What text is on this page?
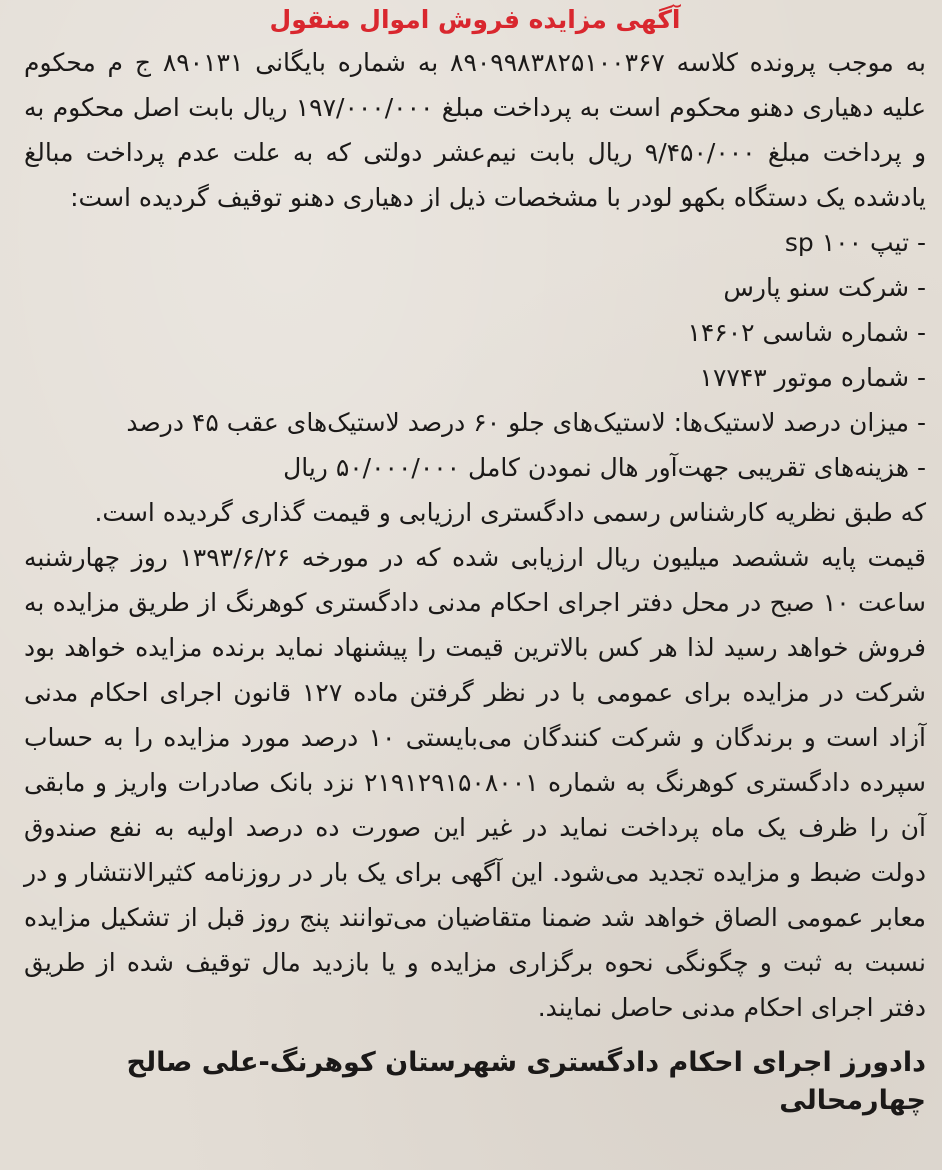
آگهی مزایده فروش اموال منقول

به موجب پرونده کلاسه ۸۹۰۹۹۸۳۸۲۵۱۰۰۳۶۷ به شماره بایگانی ۸۹۰۱۳۱ ج م محکوم علیه دهیاری دهنو محکوم است به پرداخت مبلغ ۱۹۷/۰۰۰/۰۰۰ ریال بابت اصل محکوم به و پرداخت مبلغ ۹/۴۵۰/۰۰۰ ریال بابت نیم‌عشر دولتی که به علت عدم پرداخت مبالغ یادشده یک دستگاه بکهو لودر با مشخصات ذیل از دهیاری دهنو توقیف گردیده است:

- تیپ ۱۰۰ sp

- شرکت سنو پارس

- شماره شاسی ۱۴۶۰۲

- شماره موتور ۱۷۷۴۳

- میزان درصد لاستیک‌ها: لاستیک‌های جلو ۶۰ درصد لاستیک‌های عقب ۴۵ درصد

- هزینه‌های تقریبی جهت‌آور هال نمودن کامل ۵۰/۰۰۰/۰۰۰ ریال

که طبق نظریه کارشناس رسمی دادگستری ارزیابی و قیمت گذاری گردیده است.

قیمت پایه ششصد میلیون ریال ارزیابی شده که در مورخه ۱۳۹۳/۶/۲۶ روز چهارشنبه ساعت ۱۰ صبح در محل دفتر اجرای احکام مدنی دادگستری کوهرنگ از طریق مزایده به فروش خواهد رسید لذا هر کس بالاترین قیمت را پیشنهاد نماید برنده مزایده خواهد بود شرکت در مزایده برای عمومی با در نظر گرفتن ماده ۱۲۷ قانون اجرای احکام مدنی آزاد است و برندگان و شرکت کنندگان می‌بایستی ۱۰ درصد مورد مزایده را به حساب سپرده دادگستری کوهرنگ به شماره ۲۱۹۱۲۹۱۵۰۸۰۰۱ نزد بانک صادرات واریز و مابقی آن را ظرف یک ماه پرداخت نماید در غیر این صورت ده درصد اولیه به نفع صندوق دولت ضبط و مزایده تجدید می‌شود. این آگهی برای یک بار در روزنامه کثیرالانتشار و در معابر عمومی الصاق خواهد شد ضمنا متقاضیان می‌توانند پنج روز قبل از تشکیل مزایده نسبت به ثبت و چگونگی نحوه برگزاری مزایده و یا بازدید مال توقیف شده از طریق دفتر اجرای احکام مدنی حاصل نمایند.

دادورز اجرای احکام دادگستری شهرستان کوهرنگ-علی صالح چهارمحالی
